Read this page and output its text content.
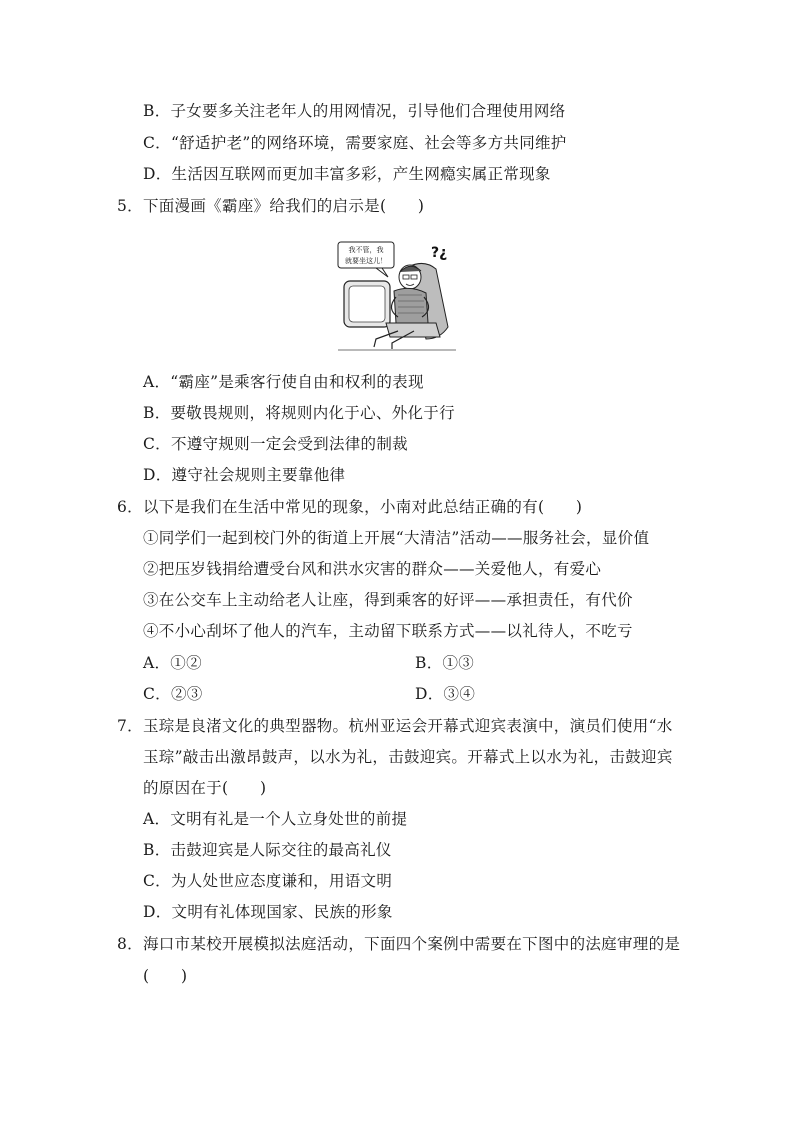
B．子女要多关注老年人的用网情况，引导他们合理使用网络
C．“舒适护老”的网络环境，需要家庭、社会等多方共同维护
D．生活因互联网而更加丰富多彩，产生网瘾实属正常现象
5．下面漫画《霸座》给我们的启示是(　　)
我不管，我
就要坐这儿！	?¿
A．“霸座”是乘客行使自由和权利的表现
B．要敬畏规则，将规则内化于心、外化于行
C．不遵守规则一定会受到法律的制裁
D．遵守社会规则主要靠他律
6．以下是我们在生活中常见的现象，小南对此总结正确的有(　　)
①同学们一起到校门外的街道上开展“大清洁”活动——服务社会，显价值
②把压岁钱捐给遭受台风和洪水灾害的群众——关爱他人，有爱心
③在公交车上主动给老人让座，得到乘客的好评——承担责任，有代价
④不小心刮坏了他人的汽车，主动留下联系方式——以礼待人，不吃亏
A．①②	B．①③
C．②③	D．③④
7．玉琮是良渚文化的典型器物。杭州亚运会开幕式迎宾表演中，演员们使用“水
玉琮”敲击出激昂鼓声，以水为礼，击鼓迎宾。开幕式上以水为礼，击鼓迎宾
的原因在于(　　)
A．文明有礼是一个人立身处世的前提
B．击鼓迎宾是人际交往的最高礼仪
C．为人处世应态度谦和，用语文明
D．文明有礼体现国家、民族的形象
8．海口市某校开展模拟法庭活动，下面四个案例中需要在下图中的法庭审理的是
(　　)
